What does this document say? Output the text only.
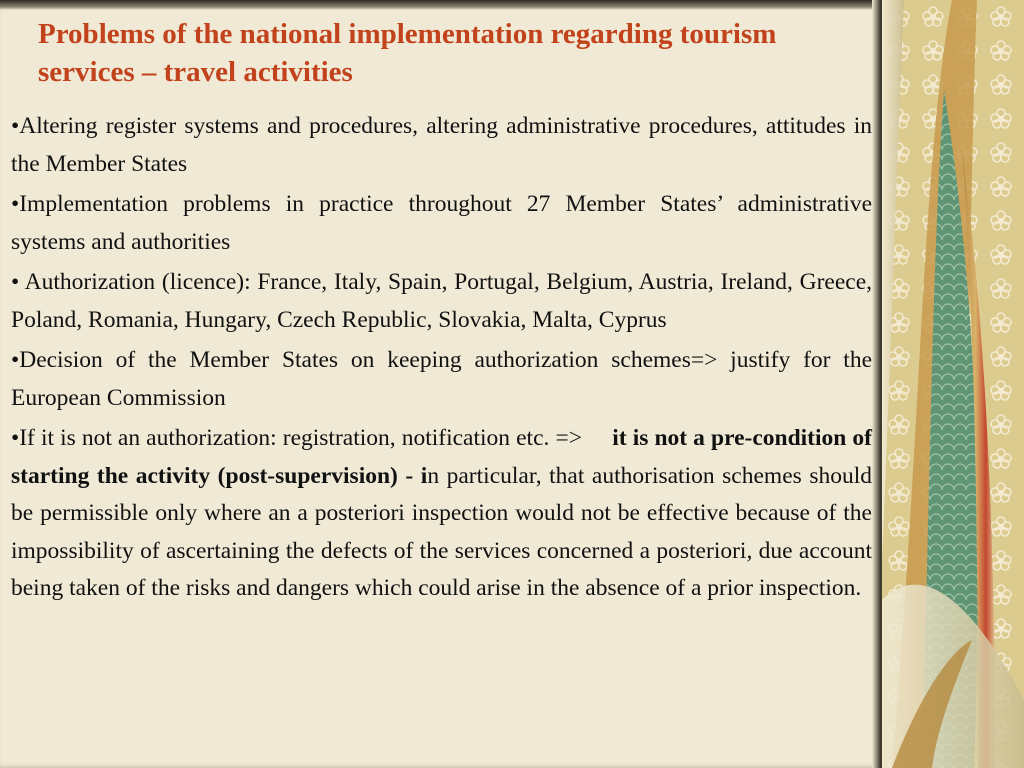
Problems of the national implementation regarding tourism services – travel activities

•Altering register systems and procedures, altering administrative procedures, attitudes in the Member States

•Implementation problems in practice throughout 27 Member States’ administrative systems and authorities

• Authorization (licence): France, Italy, Spain, Portugal, Belgium, Austria, Ireland, Greece, Poland, Romania, Hungary, Czech Republic, Slovakia, Malta, Cyprus

•Decision of the Member States on keeping authorization schemes=> justify for the European Commission

•If it is not an authorization: registration, notification etc. =>     it is not a pre-condition of starting the activity (post-supervision) - in particular, that authorisation schemes should be permissible only where an a posteriori inspection would not be effective because of the impossibility of ascertaining the defects of the services concerned a posteriori, due account being taken of the risks and dangers which could arise in the absence of a prior inspection.
